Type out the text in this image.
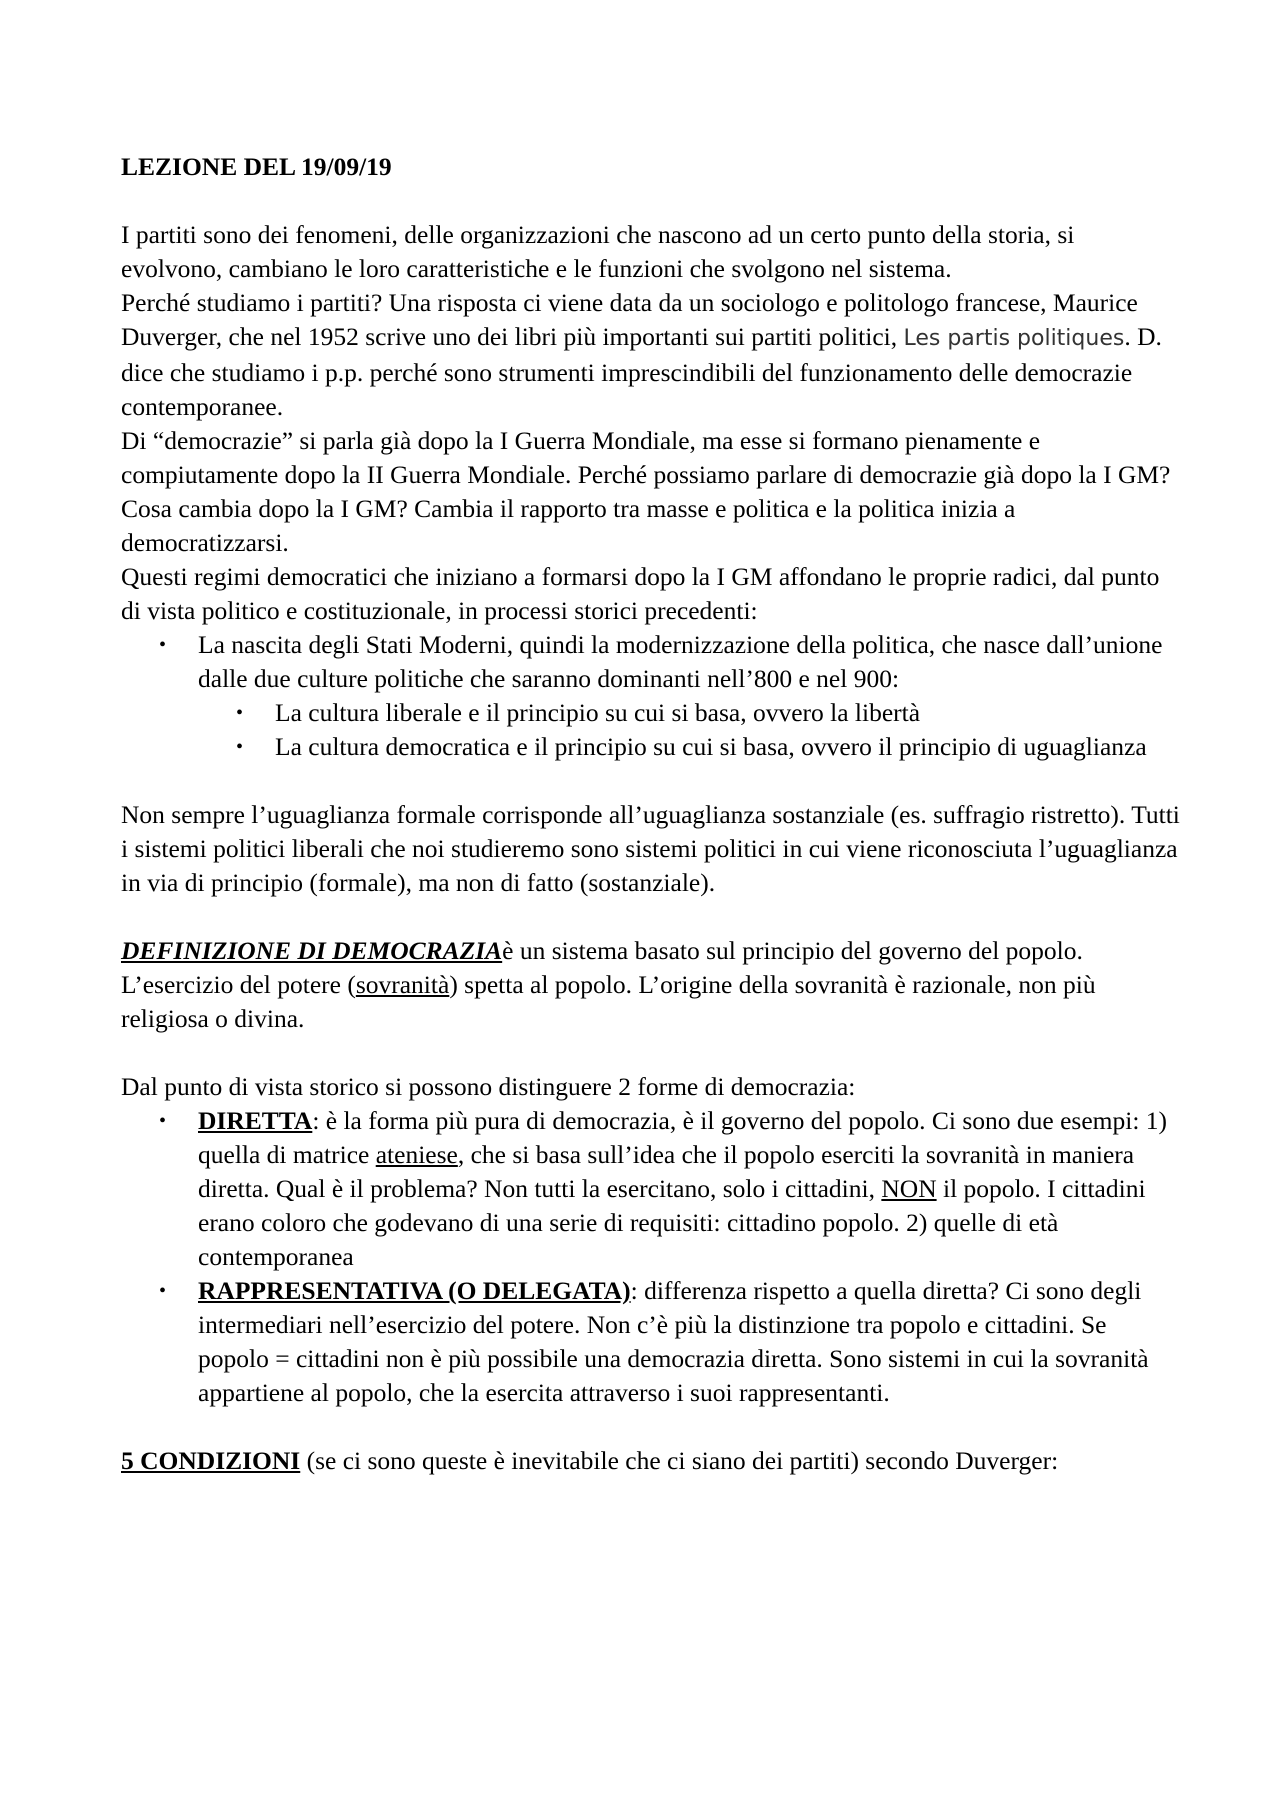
LEZIONE DEL 19/09/19

I partiti sono dei fenomeni, delle organizzazioni che nascono ad un certo punto della storia, si evolvono, cambiano le loro caratteristiche e le funzioni che svolgono nel sistema.

Perché studiamo i partiti? Una risposta ci viene data da un sociologo e politologo francese, Maurice Duverger, che nel 1952 scrive uno dei libri più importanti sui partiti politici, Les partis politiques. D. dice che studiamo i p.p. perché sono strumenti imprescindibili del funzionamento delle democrazie contemporanee.

Di “democrazie” si parla già dopo la I Guerra Mondiale, ma esse si formano pienamente e compiutamente dopo la II Guerra Mondiale. Perché possiamo parlare di democrazie già dopo la I GM? Cosa cambia dopo la I GM? Cambia il rapporto tra masse e politica e la politica inizia a democratizzarsi.

Questi regimi democratici che iniziano a formarsi dopo la I GM affondano le proprie radici, dal punto di vista politico e costituzionale, in processi storici precedenti:

• La nascita degli Stati Moderni, quindi la modernizzazione della politica, che nasce dall’unione dalle due culture politiche che saranno dominanti nell’800 e nel 900:
• La cultura liberale e il principio su cui si basa, ovvero la libertà
• La cultura democratica e il principio su cui si basa, ovvero il principio di uguaglianza

Non sempre l’uguaglianza formale corrisponde all’uguaglianza sostanziale (es. suffragio ristretto). Tutti i sistemi politici liberali che noi studieremo sono sistemi politici in cui viene riconosciuta l’uguaglianza in via di principio (formale), ma non di fatto (sostanziale).

DEFINIZIONE DI DEMOCRAZIAè un sistema basato sul principio del governo del popolo. L’esercizio del potere (sovranità) spetta al popolo. L’origine della sovranità è razionale, non più religiosa o divina.

Dal punto di vista storico si possono distinguere 2 forme di democrazia:

• DIRETTA: è la forma più pura di democrazia, è il governo del popolo. Ci sono due esempi: 1) quella di matrice ateniese, che si basa sull’idea che il popolo eserciti la sovranità in maniera diretta. Qual è il problema? Non tutti la esercitano, solo i cittadini, NON il popolo. I cittadini erano coloro che godevano di una serie di requisiti: cittadino popolo. 2) quelle di età contemporanea
• RAPPRESENTATIVA (O DELEGATA): differenza rispetto a quella diretta? Ci sono degli intermediari nell’esercizio del potere. Non c’è più la distinzione tra popolo e cittadini. Se popolo = cittadini non è più possibile una democrazia diretta. Sono sistemi in cui la sovranità appartiene al popolo, che la esercita attraverso i suoi rappresentanti.

5 CONDIZIONI (se ci sono queste è inevitabile che ci siano dei partiti) secondo Duverger:
